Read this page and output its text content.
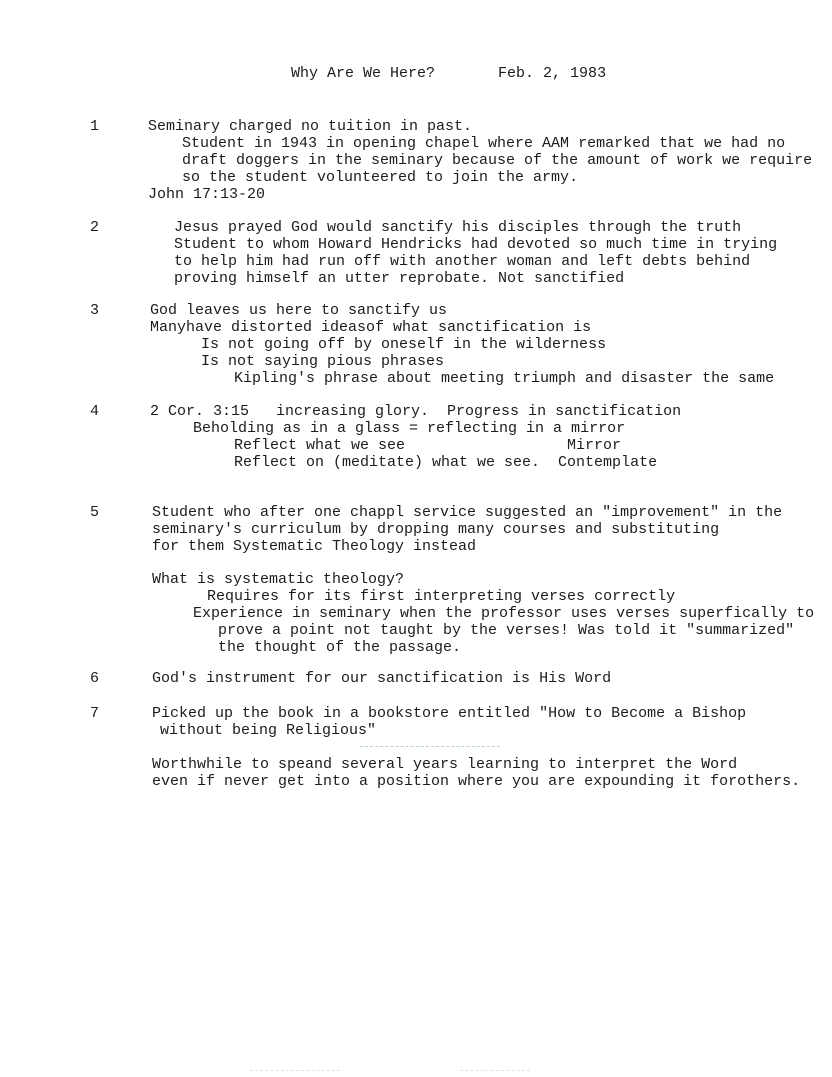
Why Are We Here?	Feb. 2, 1983
1	Seminary charged no tuition in past.
Student in 1943 in opening chapel where AAM remarked that we had no
draft doggers in the seminary because of the amount of work we require
so the student volunteered to join the army.
John 17:13-20
2	Jesus prayed God would sanctify his disciples through the truth
Student to whom Howard Hendricks had devoted so much time in trying
to help him had run off with another woman and left debts behind
proving himself an utter reprobate. Not sanctified
3	God leaves us here to sanctify us
Manyhave distorted ideasof what sanctification is
Is not going off by oneself in the wilderness
Is not saying pious phrases
Kipling's phrase about meeting triumph and disaster the same
4	2 Cor. 3:15   increasing glory.  Progress in sanctification
Beholding as in a glass = reflecting in a mirror
Reflect what we see                  Mirror
Reflect on (meditate) what we see.  Contemplate
5	Student who after one chappl service suggested an "improvement" in the
seminary's curriculum by dropping many courses and substituting
for them Systematic Theology instead
What is systematic theology?
Requires for its first interpreting verses correctly
Experience in seminary when the professor uses verses superfically to
prove a point not taught by the verses! Was told it "summarized"
the thought of the passage.
6	God's instrument for our sanctification is His Word
7	Picked up the book in a bookstore entitled "How to Become a Bishop
without being Religious"
Worthwhile to speand several years learning to interpret the Word
even if never get into a position where you are expounding it forothers.
